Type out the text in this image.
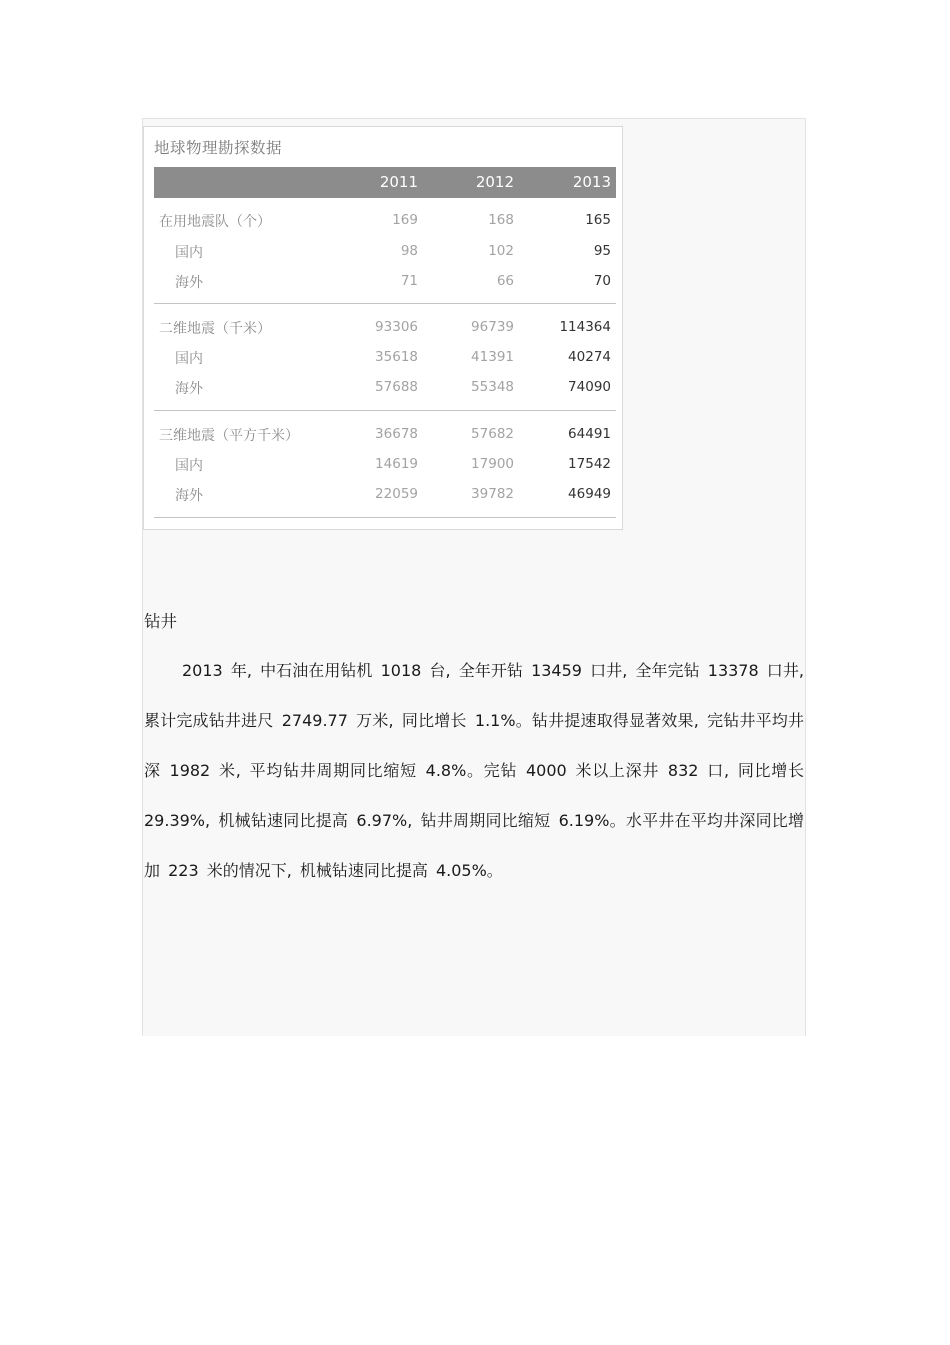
地球物理勘探数据
2011	2012	2013
在用地震队（个）	169	168	165
国内	98	102	95
海外	71	66	70
二维地震（千米）	93306	96739	114364
国内	35618	41391	40274
海外	57688	55348	74090
三维地震（平方千米）	36678	57682	64491
国内	14619	17900	17542
海外	22059	39782	46949
钻井

2013 年, 中石油在用钻机 1018 台, 全年开钻 13459 口井, 全年完钻 13378 口井, 累计完成钻井进尺 2749.77 万米, 同比增长 1.1%。钻井提速取得显著效果, 完钻井平均井深 1982 米, 平均钻井周期同比缩短 4.8%。完钻 4000 米以上深井 832 口, 同比增长 29.39%, 机械钻速同比提高 6.97%, 钻井周期同比缩短 6.19%。水平井在平均井深同比增加 223 米的情况下, 机械钻速同比提高 4.05%。
